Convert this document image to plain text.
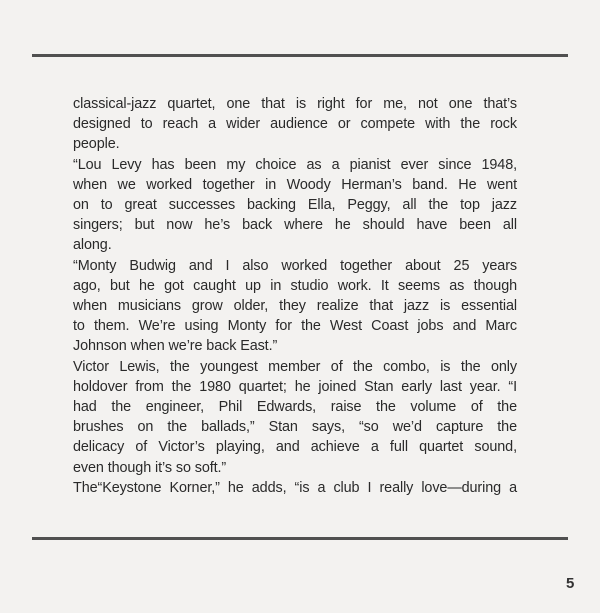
classical-jazz quartet, one that is right for me, not one that’s
designed to reach a wider audience or compete with the rock
people.

“Lou Levy has been my choice as a pianist ever since 1948,
when we worked together in Woody Herman’s band. He went
on to great successes backing Ella, Peggy, all the top jazz
singers; but now he’s back where he should have been all
along.

“Monty Budwig and I also worked together about 25 years
ago, but he got caught up in studio work. It seems as though
when musicians grow older, they realize that jazz is essential
to them. We’re using Monty for the West Coast jobs and Marc
Johnson when we’re back East.”

Victor Lewis, the youngest member of the combo, is the only
holdover from the 1980 quartet; he joined Stan early last year. “I
had the engineer, Phil Edwards, raise the volume of the
brushes on the ballads,” Stan says, “so we’d capture the
delicacy of Victor’s playing, and achieve a full quartet sound,
even though it’s so soft.”

The“Keystone Korner,” he adds, “is a club I really love—during a

5
